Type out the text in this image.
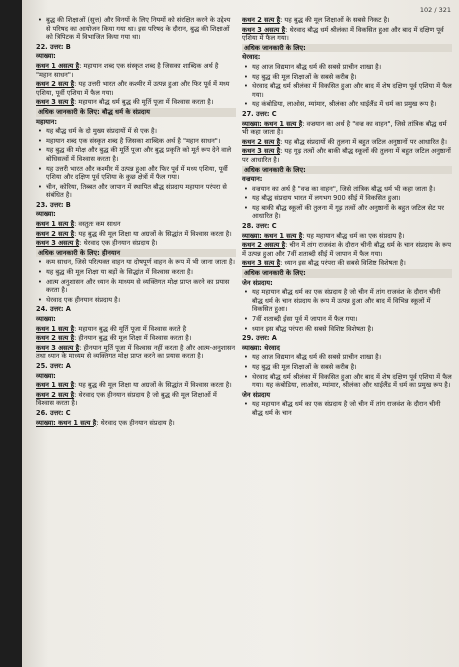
102 / 321

• बुद्ध की शिक्षाओं (सुत्त) और विनयों के लिए नियमों को संरक्षित करने के उद्देश्य से परिषद का आयोजन किया गया था। इस परिषद के दौरान, बुद्ध की शिक्षाओं को त्रिपिटक में विभाजित किया गया था।

22. उत्तर: B

व्याख्या:

कथन 1 असत्य है: महायान शब्द एक संस्कृत शब्द है जिसका शाब्दिक अर्थ है "महान साधन"।

कथन 2 सत्य है: यह उत्तरी भारत और कश्मीर में उत्पन्न हुआ और फिर पूर्व में मध्य एशिया, पूर्वी एशिया में फैल गया।

कथन 3 सत्य है: महायान बौद्ध धर्म बुद्ध की मूर्ति पूजा में विश्वास करता है।

अधिक जानकारी के लिए: बौद्ध धर्म के संप्रदाय

महायान:

• यह बौद्ध धर्म के दो मुख्य संप्रदायों में से एक है।

• महायान शब्द एक संस्कृत शब्द है जिसका शाब्दिक अर्थ है "महान साधन"।

• यह बुद्ध की मोक्ष और बुद्ध की मूर्ति पूजा और बुद्ध प्रकृति को मूर्त रूप देने वाले बोधिसत्वों में विश्वास करता है।

• यह उत्तरी भारत और कश्मीर में उत्पन्न हुआ और फिर पूर्व में मध्य एशिया, पूर्वी एशिया और दक्षिण पूर्व एशिया के कुछ क्षेत्रों में फैल गया।

• चीन, कोरिया, तिब्बत और जापान में स्थापित बौद्ध संप्रदाय महायान परंपरा से संबंधित है।

23. उत्तर: B

व्याख्या:

कथन 1 सत्य है: वस्तुतः कम साधन

कथन 2 सत्य है: यह बुद्ध की मूल शिक्षा या अग्रजों के सिद्धांत में विश्वास करता है।

कथन 3 असत्य है: थेरवाद एक हीनयान संप्रदाय है।

अधिक जानकारी के लिए: हीनयान

• कम साधन, जिसे परित्यक्त वाहन या दोषपूर्ण वाहन के रूप में भी जाना जाता है।

• यह बुद्ध की मूल शिक्षा या बड़ों के सिद्धांत में विश्वास करता है।

• आत्म अनुशासन और ध्यान के माध्यम से व्यक्तिगत मोक्ष प्राप्त करने का प्रयास करता है।

• थेरवाद एक हीनयान संप्रदाय है।

24. उत्तर: A

व्याख्या:

कथन 1 सत्य है: महायान बुद्ध की मूर्ति पूजा में विश्वास करते है

कथन 2 सत्य है: हीनयान बुद्ध की मूल शिक्षा में विश्वास करता है।

कथन 3 असत्य है: हीनयान मूर्ति पूजा में विश्वास नहीं करता है और आत्म-अनुशासन तथा ध्यान के माध्यम से व्यक्तिगत मोक्ष प्राप्त करने का प्रयास करता है।

25. उत्तर: A

व्याख्या:

कथन 1 सत्य है: यह बुद्ध की मूल शिक्षा या अग्रजों के सिद्धांत में विश्वास करता है।

कथन 2 सत्य है: थेरवाद एक हीनयान संप्रदाय है जो बुद्ध की मूल शिक्षाओं में विश्वास करता है।

26. उत्तर: C

व्याख्या: कथन 1 सत्य है: थेरवाद एक हीनयान संप्रदाय है।

कथन 2 सत्य है: यह बुद्ध की मूल शिक्षाओं के सबसे निकट है।

कथन 3 असत्य है: थेरवाद बौद्ध धर्म श्रीलंका में विकसित हुआ और बाद में दक्षिण पूर्व एशिया में फैल गया।

अधिक जानकारी के लिए:

थेरवाद:

• यह आज विद्यमान बौद्ध धर्म की सबसे प्राचीन शाखा है।

• यह बुद्ध की मूल शिक्षाओं के सबसे करीब है।

• थेरवाद बौद्ध धर्म श्रीलंका में विकसित हुआ और बाद में शेष दक्षिण पूर्व एशिया में फैल गया।

• यह कंबोडिया, लाओस, म्यांमार, श्रीलंका और थाईलैंड में धर्म का प्रमुख रूप है।

27. उत्तर: C

व्याख्या: कथन 1 सत्य है: वज्रयान का अर्थ है "वज्र का वाहन", जिसे तांत्रिक बौद्ध धर्म भी कहा जाता है।

कथन 2 सत्य है: यह बौद्ध संप्रदायों की तुलना में बहुत जटिल अनुष्ठानों पर आधारित है।

कथन 3 सत्य है: यह गूढ़ तत्वों और बाकी बौद्ध स्कूलों की तुलना में बहुत जटिल अनुष्ठानों पर आधारित है।

अधिक जानकारी के लिए:

वज्रयान:

• वज्रयान का अर्थ है "वज्र का वाहन", जिसे तांत्रिक बौद्ध धर्म भी कहा जाता है।

• यह बौद्ध संप्रदाय भारत में लगभग 900 सीई में विकसित हुआ।

• यह बाकी बौद्ध स्कूलों की तुलना में गूढ़ तत्वों और अनुष्ठानों के बहुत जटिल सेट पर आधारित है।

28. उत्तर: C

व्याख्या: कथन 1 सत्य है: यह महायान बौद्ध धर्म का एक संप्रदाय है।

कथन 2 असत्य है: चीन में तांग राजवंश के दौरान चीनी बौद्ध धर्म के चान संप्रदाय के रूप में उत्पन्न हुआ और 7वीं शताब्दी सीई में जापान में फैल गया।

कथन 3 सत्य है: ध्यान इस बौद्ध परंपरा की सबसे विशिष्ट विशेषता है।

अधिक जानकारी के लिए:

जेन संप्रदाय:

• यह महायान बौद्ध धर्म का एक संप्रदाय है जो चीन में तांग राजवंश के दौरान चीनी बौद्ध धर्म के चान संप्रदाय के रूप में उत्पन्न हुआ और बाद में विभिन्न स्कूलों में विकसित हुआ।

• 7वीं शताब्दी ईसा पूर्व में जापान में फैल गया।

• ध्यान इस बौद्ध परंपरा की सबसे विशिष्ट विशेषता है।

29. उत्तर: A

व्याख्या: थेरवाद

• यह आज विद्यमान बौद्ध धर्म की सबसे प्राचीन शाखा है।

• यह बुद्ध की मूल शिक्षाओं के सबसे करीब है।

• थेरवाद बौद्ध धर्म श्रीलंका में विकसित हुआ और बाद में शेष दक्षिण पूर्व एशिया में फैल गया। यह कंबोडिया, लाओस, म्यांमार, श्रीलंका और थाईलैंड में धर्म का प्रमुख रूप है।

जेन संप्रदाय

• यह महायान बौद्ध धर्म का एक संप्रदाय है जो चीन में तांग राजवंश के दौरान चीनी बौद्ध धर्म के चान
